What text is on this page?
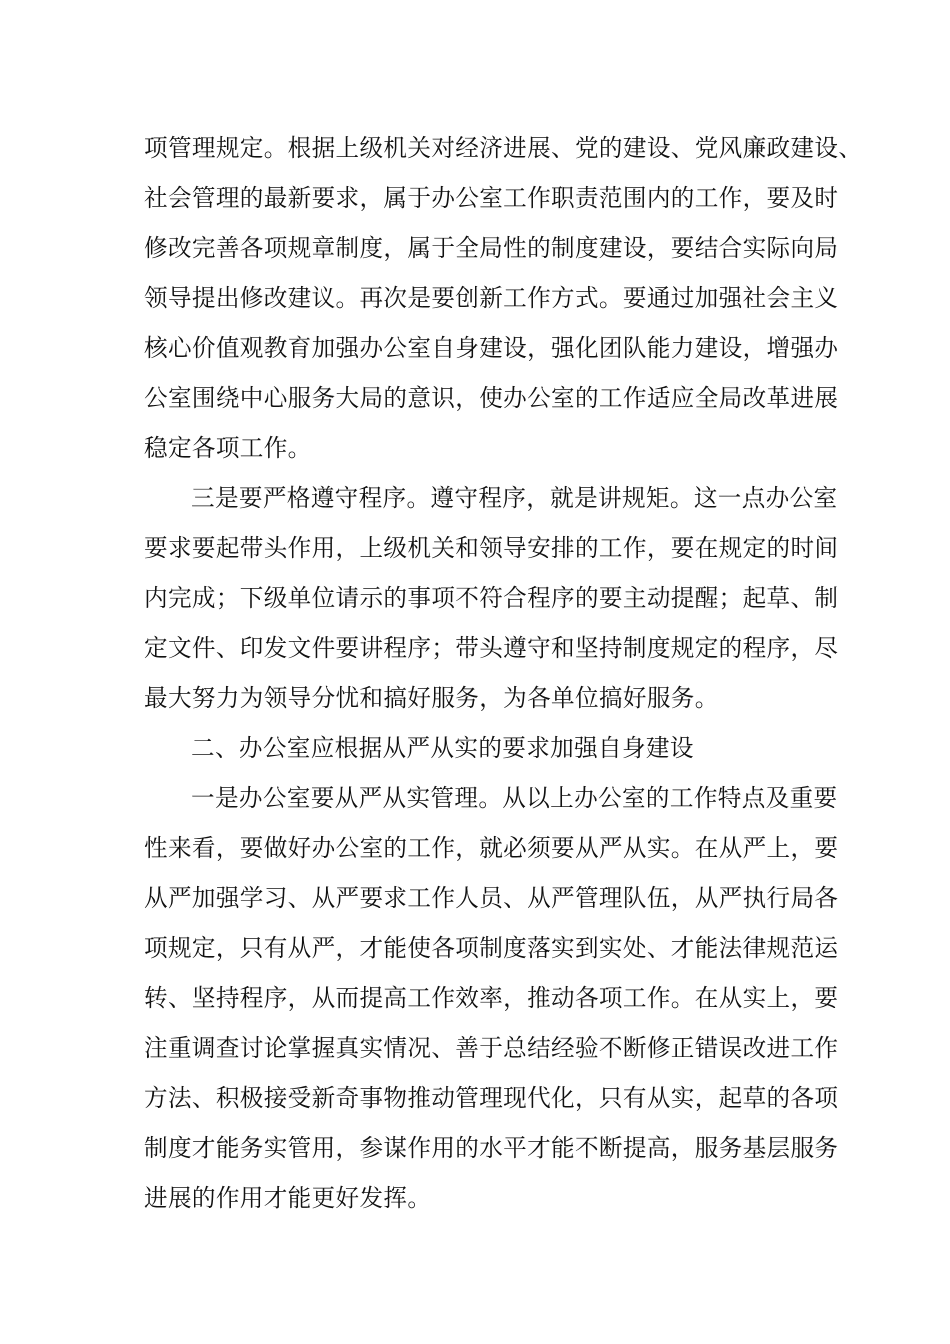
项管理规定。根据上级机关对经济进展、党的建设、党风廉政建设、
社会管理的最新要求，属于办公室工作职责范围内的工作，要及时
修改完善各项规章制度，属于全局性的制度建设，要结合实际向局
领导提出修改建议。再次是要创新工作方式。要通过加强社会主义
核心价值观教育加强办公室自身建设，强化团队能力建设，增强办
公室围绕中心服务大局的意识，使办公室的工作适应全局改革进展
稳定各项工作。
三是要严格遵守程序。遵守程序，就是讲规矩。这一点办公室
要求要起带头作用，上级机关和领导安排的工作，要在规定的时间
内完成；下级单位请示的事项不符合程序的要主动提醒；起草、制
定文件、印发文件要讲程序；带头遵守和坚持制度规定的程序，尽
最大努力为领导分忧和搞好服务，为各单位搞好服务。
二、办公室应根据从严从实的要求加强自身建设
一是办公室要从严从实管理。从以上办公室的工作特点及重要
性来看，要做好办公室的工作，就必须要从严从实。在从严上，要
从严加强学习、从严要求工作人员、从严管理队伍，从严执行局各
项规定，只有从严，才能使各项制度落实到实处、才能法律规范运
转、坚持程序，从而提高工作效率，推动各项工作。在从实上，要
注重调查讨论掌握真实情况、善于总结经验不断修正错误改进工作
方法、积极接受新奇事物推动管理现代化，只有从实，起草的各项
制度才能务实管用，参谋作用的水平才能不断提高，服务基层服务
进展的作用才能更好发挥。
